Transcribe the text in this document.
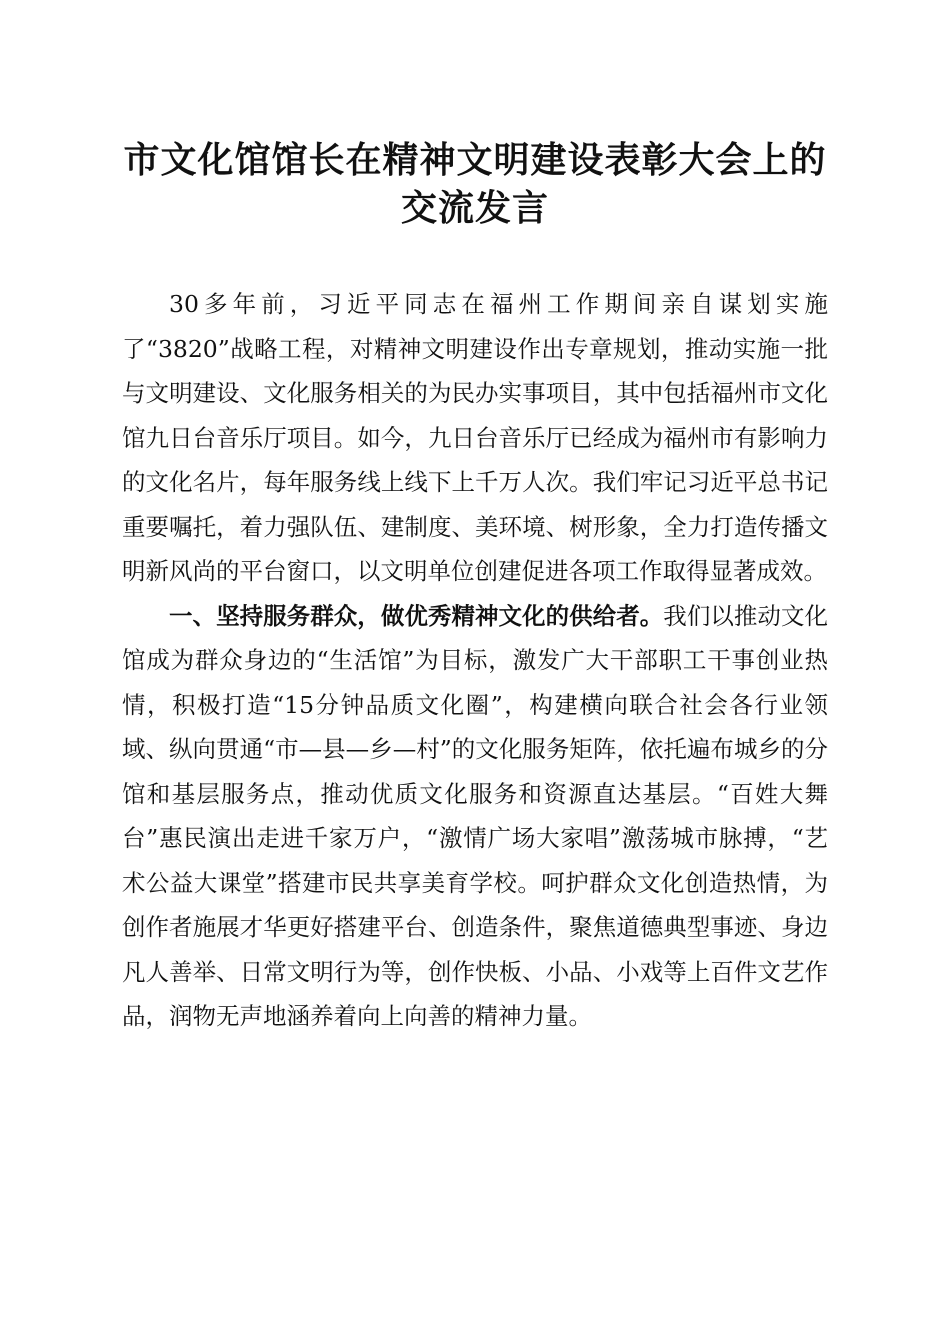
市文化馆馆长在精神文明建设表彰大会上的交流发言

30多年前，习近平同志在福州工作期间亲自谋划实施了“3820”战略工程，对精神文明建设作出专章规划，推动实施一批与文明建设、文化服务相关的为民办实事项目，其中包括福州市文化馆九日台音乐厅项目。如今，九日台音乐厅已经成为福州市有影响力的文化名片，每年服务线上线下上千万人次。我们牢记习近平总书记重要嘱托，着力强队伍、建制度、美环境、树形象，全力打造传播文明新风尚的平台窗口，以文明单位创建促进各项工作取得显著成效。

一、坚持服务群众，做优秀精神文化的供给者。我们以推动文化馆成为群众身边的“生活馆”为目标，激发广大干部职工干事创业热情，积极打造“15分钟品质文化圈”，构建横向联合社会各行业领域、纵向贯通“市—县—乡—村”的文化服务矩阵，依托遍布城乡的分馆和基层服务点，推动优质文化服务和资源直达基层。“百姓大舞台”惠民演出走进千家万户，“激情广场大家唱”激荡城市脉搏，“艺术公益大课堂”搭建市民共享美育学校。呵护群众文化创造热情，为创作者施展才华更好搭建平台、创造条件，聚焦道德典型事迹、身边凡人善举、日常文明行为等，创作快板、小品、小戏等上百件文艺作品，润物无声地涵养着向上向善的精神力量。
